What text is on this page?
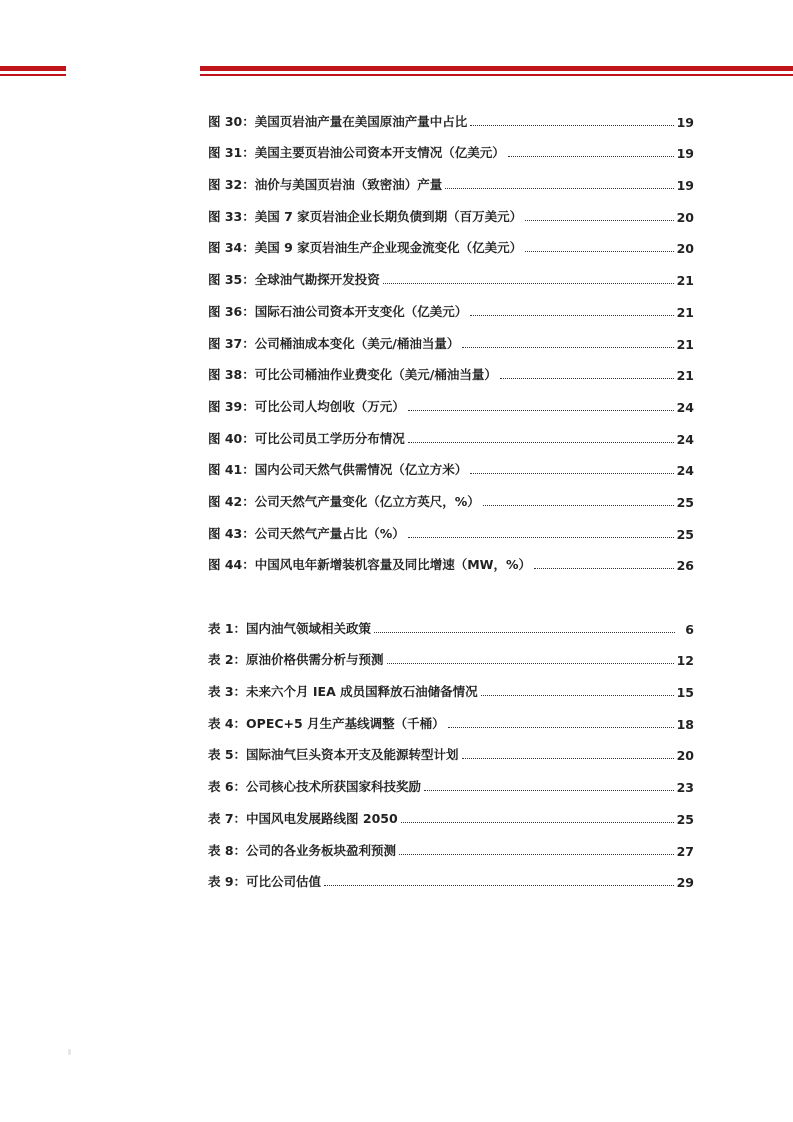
图 30：美国页岩油产量在美国原油产量中占比	19
图 31：美国主要页岩油公司资本开支情况（亿美元）	19
图 32：油价与美国页岩油（致密油）产量	19
图 33：美国 7 家页岩油企业长期负债到期（百万美元）	20
图 34：美国 9 家页岩油生产企业现金流变化（亿美元）	20
图 35：全球油气勘探开发投资	21
图 36：国际石油公司资本开支变化（亿美元）	21
图 37：公司桶油成本变化（美元/桶油当量）	21
图 38：可比公司桶油作业费变化（美元/桶油当量）	21
图 39：可比公司人均创收（万元）	24
图 40：可比公司员工学历分布情况	24
图 41：国内公司天然气供需情况（亿立方米）	24
图 42：公司天然气产量变化（亿立方英尺，%）	25
图 43：公司天然气产量占比（%）	25
图 44：中国风电年新增装机容量及同比增速（MW，%）	26
表 1：国内油气领域相关政策	6
表 2：原油价格供需分析与预测	12
表 3：未来六个月 IEA 成员国释放石油储备情况	15
表 4：OPEC+5 月生产基线调整（千桶）	18
表 5：国际油气巨头资本开支及能源转型计划	20
表 6：公司核心技术所获国家科技奖励	23
表 7：中国风电发展路线图 2050	25
表 8：公司的各业务板块盈利预测	27
表 9：可比公司估值	29
